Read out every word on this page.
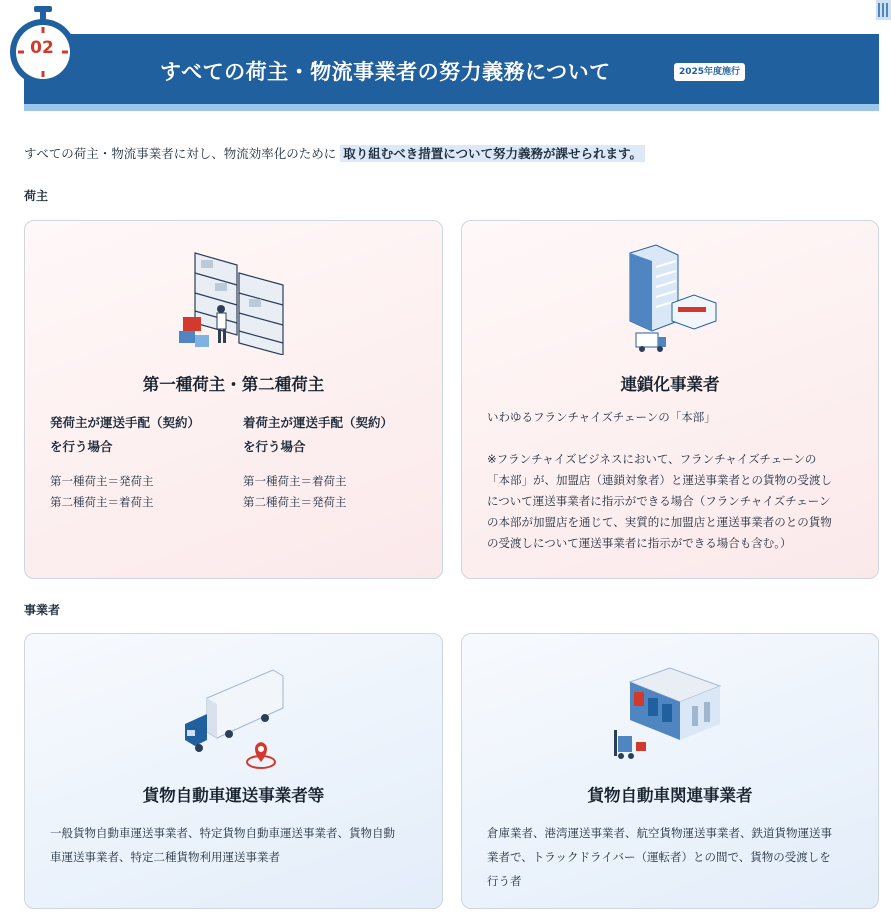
02
すべての荷主・物流事業者の努力義務について	2025年度施行
すべての荷主・物流事業者に対し、物流効率化のために 取り組むべき措置について努力義務が課せられます。
荷主
第一種荷主・第二種荷主
発荷主が運送手配（契約）
を行う場合
第一種荷主＝発荷主
第二種荷主＝着荷主
着荷主が運送手配（契約）
を行う場合
第一種荷主＝着荷主
第二種荷主＝発荷主
連鎖化事業者
いわゆるフランチャイズチェーンの「本部」
※フランチャイズビジネスにおいて、フランチャイズチェーンの
「本部」が、加盟店（連鎖対象者）と運送事業者との貨物の受渡し
について運送事業者に指示ができる場合（フランチャイズチェーン
の本部が加盟店を通じて、実質的に加盟店と運送事業者のとの貨物
の受渡しについて運送事業者に指示ができる場合も含む。）
事業者
貨物自動車運送事業者等
一般貨物自動車運送事業者、特定貨物自動車運送事業者、貨物自動
車運送事業者、特定二種貨物利用運送事業者
貨物自動車関連事業者
倉庫業者、港湾運送事業者、航空貨物運送事業者、鉄道貨物運送事
業者で、トラックドライバー（運転者）との間で、貨物の受渡しを
行う者
